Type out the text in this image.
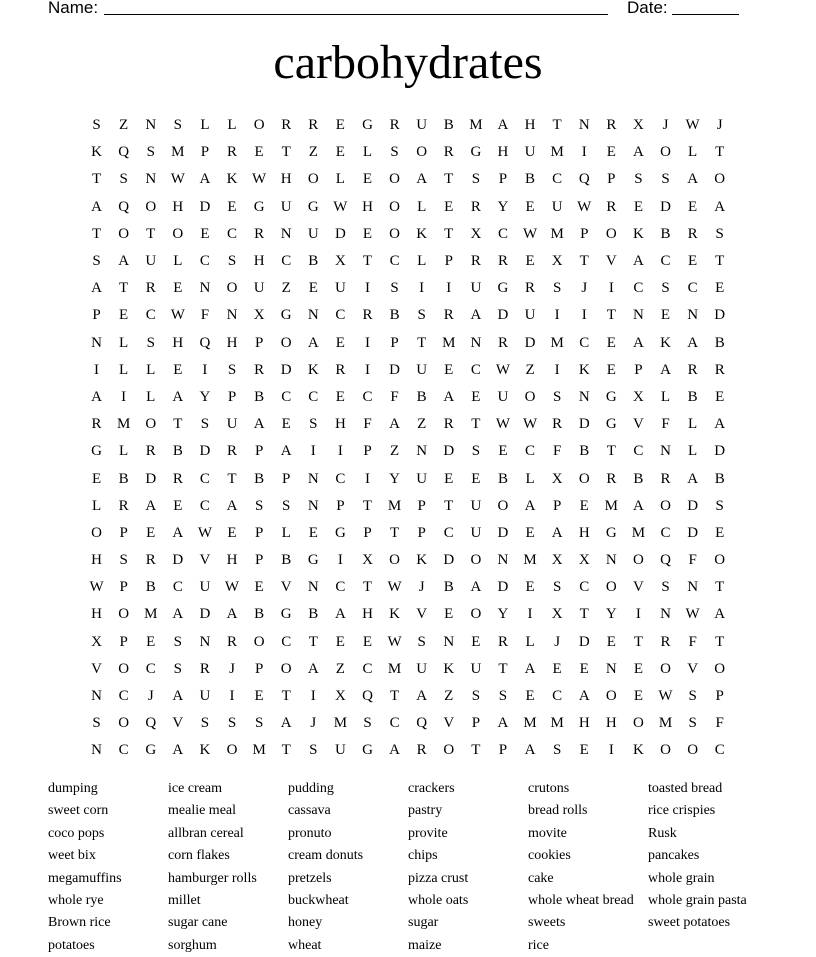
Name:	Date:
carbohydrates
S	Z	N	S	L	L	O	R	R	E	G	R	U	B	M	A	H	T	N	R	X	J	W	J
K	Q	S	M	P	R	E	T	Z	E	L	S	O	R	G	H	U	M	I	E	A	O	L	T
T	S	N W A	K W H	O	L	E	O	A	T	S	P	B	C	Q	P	S	S	A	O
A	Q	O	H	D	E	G	U	G W H	O	L	E	R	Y	E	U W	R	E	D	E	A
T	O	T	O	E	C	R	N	U	D	E	O	K	T	X	C	W M	P	O	K	B	R	S
S	A	U	L	C	S	H	C	B	X	T	C	L	P	R	R	E	X	T	V	A	C	E	T
A	T	R	E	N	O	U	Z	E	U	I	S	I	I	U	G	R	S	J	I	C	S	C	E
P	E	C	W	F	N	X	G	N	C	R	B	S	R	A	D	U	I	I	T	N	E	N	D
N	L	S	H	Q	H	P	O	A	E	I	P	T	M	N	R	D	M	C	E	A	K	A	B
I	L	L	E	I	S	R	D	K	R	I	D	U	E	C	W	Z	I	K	E	P	A	R	R
A	I	L	A	Y	P	B	C	C	E	C	F	B	A	E	U	O	S	N	G	X	L	B	E
R	M	O	T	S	U	A	E	S	H	F	A	Z	R	T	W W	R	D	G	V	F	L	A
G	L	R	B	D	R	P	A	I	I	P	Z	N	D	S	E	C	F	B	T	C	N	L	D
E	B	D	R	C	T	B	P	N	C	I	Y	U	E	E	B	L	X	O	R	B	R	A	B
L	R	A	E	C	A	S	S	N	P	T	M	P	T	U	O	A	P	E	M	A	O	D	S
O	P	E	A W	E	P	L	E	G	P	T	P	C	U	D	E	A	H	G	M	C	D	E
H	S	R	D	V	H	P	B	G	I	X	O	K	D	O	N	M	X	X	N	O	Q	F	O
W	P	B	C	U W	E	V	N	C	T	W	J	B	A	D	E	S	C	O	V	S	N	T
H	O	M	A	D	A	B	G	B	A	H	K	V	E	O	Y	I	X	T	Y	I	N W A
X	P	E	S	N	R	O	C	T	E	E	W	S	N	E	R	L	J	D	E	T	R	F	T
V	O	C	S	R	J	P	O	A	Z	C	M	U	K	U	T	A	E	E	N	E	O	V	O
N	C	J	A	U	I	E	T	I	X	Q	T	A	Z	S	S	E	C	A	O	E	W	S	P
S	O	Q	V	S	S	S	A	J	M	S	C	Q	V	P	A	M M	H	H	O	M	S	F
N	C	G	A	K	O	M	T	S	U	G	A	R	O	T	P	A	S	E	I	K	O	O	C
dumping	ice cream	pudding	crackers	crutons	toasted bread
sweet corn	mealie meal	cassava	pastry	bread rolls	rice crispies
coco pops	allbran cereal	pronuto	provite	movite	Rusk
weet bix	corn flakes	cream donuts	chips	cookies	pancakes
megamuffins	hamburger rolls	pretzels	pizza crust	cake	whole grain
whole rye	millet	buckwheat	whole oats	whole wheat bread	whole grain pasta
Brown rice	sugar cane	honey	sugar	sweets	sweet potatoes
potatoes	sorghum	wheat	maize	rice
